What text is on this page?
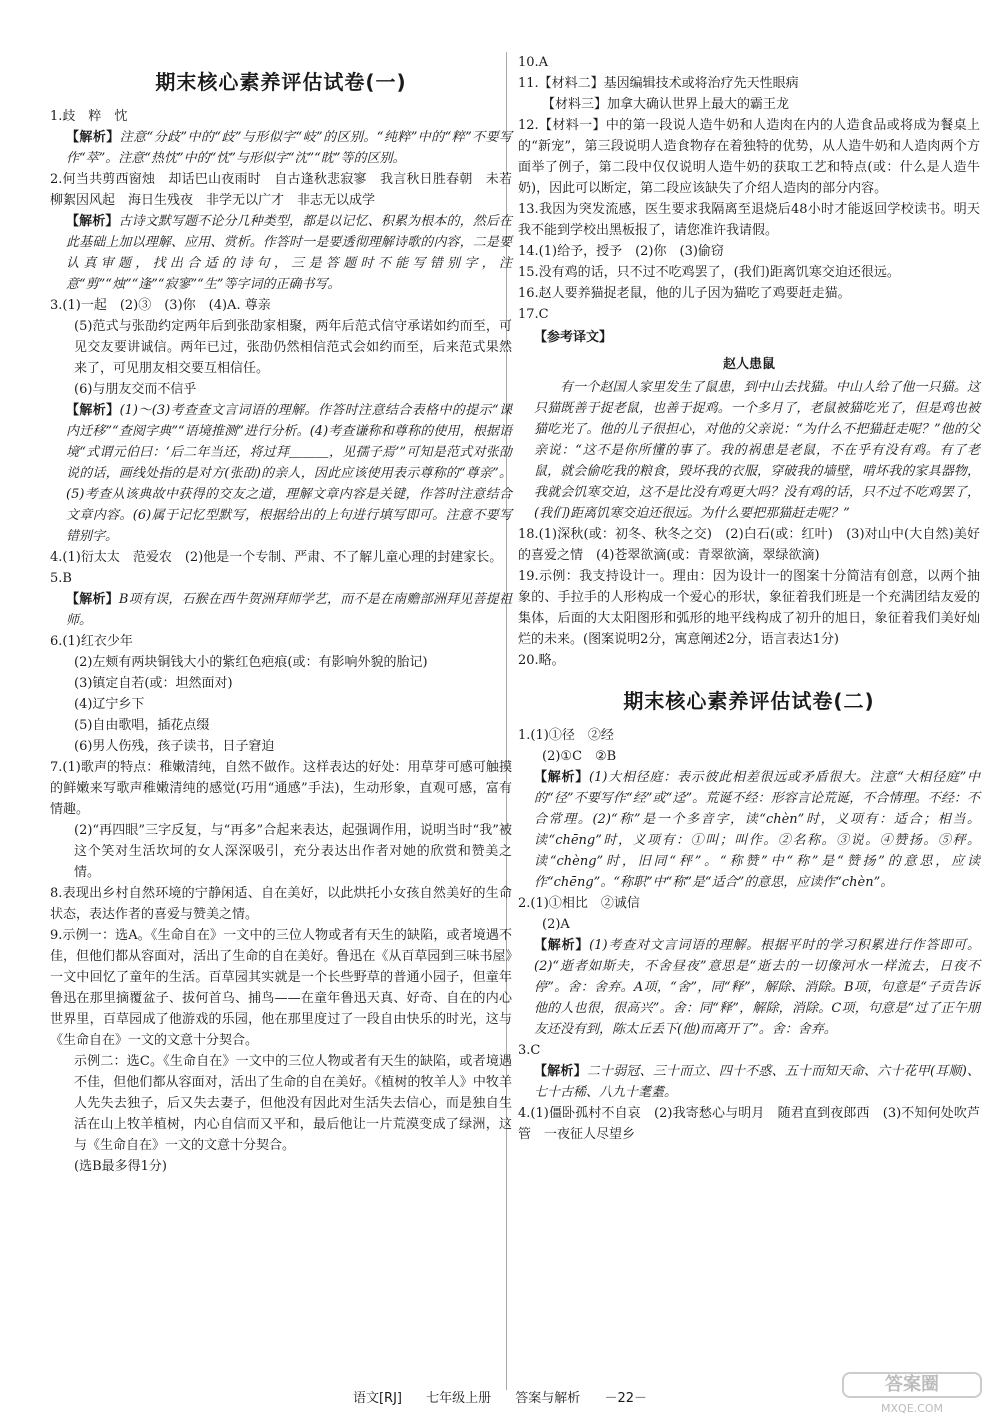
期末核心素养评估试卷(一)

1.歧　粹　忱

【解析】注意“分歧”中的“歧”与形似字“岐”的区别。“纯粹”中的“粹”不要写作“萃”。注意“热忱”中的“忱”与形似字“沈”“眈”等的区别。

2.何当共剪西窗烛　却话巴山夜雨时　自古逢秋悲寂寥　我言秋日胜春朝　未若柳絮因风起　海日生残夜　非学无以广才　非志无以成学

【解析】古诗文默写题不论分几种类型，都是以记忆、积累为根本的，然后在此基础上加以理解、应用、赏析。作答时一是要透彻理解诗歌的内容，二是要认真审题，找出合适的诗句，三是答题时不能写错别字，注意“剪”“烛”“逢”“寂寥”“生”等字词的正确书写。

3.(1)一起　(2)③　(3)你　(4)A. 尊亲

(5)范式与张劭约定两年后到张劭家相聚，两年后范式信守承诺如约而至，可见交友要讲诚信。两年已过，张劭仍然相信范式会如约而至，后来范式果然来了，可见朋友相交要互相信任。

(6)与朋友交而不信乎

【解析】(1)～(3)考查查文言词语的理解。作答时注意结合表格中的提示“课内迁移”“查阅字典”“语境推测”进行分析。(4)考查谦称和尊称的使用，根据语境“式谓元伯曰：‘后二年当还，将过拜＿＿＿，见孺子焉’”可知是范式对张劭说的话，画线处指的是对方(张劭)的亲人，因此应该使用表示尊称的“尊亲”。(5)考查从该典故中获得的交友之道，理解文章内容是关键，作答时注意结合文章内容。(6)属于记忆型默写，根据给出的上句进行填写即可。注意不要写错别字。

4.(1)衍太太　范爱农　(2)他是一个专制、严肃、不了解儿童心理的封建家长。

5.B

【解析】B项有误，石猴在西牛贺洲拜师学艺，而不是在南赡部洲拜见菩提祖师。

6.(1)红衣少年

(2)左颊有两块铜钱大小的紫红色疤痕(或：有影响外貌的胎记)

(3)镇定自若(或：坦然面对)

(4)辽宁乡下

(5)自由歌唱，插花点缀

(6)男人伤残，孩子读书，日子窘迫

7.(1)歌声的特点：稚嫩清纯，自然不做作。这样表达的好处：用草芽可感可触摸的鲜嫩来写歌声稚嫩清纯的感觉(巧用“通感”手法)，生动形象，直观可感，富有情趣。

(2)“再四眼”三字反复，与“再多”合起来表达，起强调作用，说明当时“我”被这个笑对生活坎坷的女人深深吸引，充分表达出作者对她的欣赏和赞美之情。

8.表现出乡村自然环境的宁静闲适、自在美好，以此烘托小女孩自然美好的生命状态，表达作者的喜爱与赞美之情。

9.示例一：选A。《生命自在》一文中的三位人物或者有天生的缺陷，或者境遇不佳，但他们都从容面对，活出了生命的自在美好。鲁迅在《从百草园到三味书屋》一文中回忆了童年的生活。百草园其实就是一个长些野草的普通小园子，但童年鲁迅在那里摘覆盆子、拔何首乌、捕鸟——在童年鲁迅天真、好奇、自在的内心世界里，百草园成了他游戏的乐园，他在那里度过了一段自由快乐的时光，这与《生命自在》一文的文意十分契合。

示例二：选C。《生命自在》一文中的三位人物或者有天生的缺陷，或者境遇不佳，但他们都从容面对，活出了生命的自在美好。《植树的牧羊人》中牧羊人先失去独子，后又失去妻子，但他没有因此对生活失去信心，而是独自生活在山上牧羊植树，内心自信而又平和，最后他让一片荒漠变成了绿洲，这与《生命自在》一文的文意十分契合。

(选B最多得1分)

10.A

11.【材料二】基因编辑技术或将治疗先天性眼病

【材料三】加拿大确认世界上最大的霸王龙

12.【材料一】中的第一段说人造牛奶和人造肉在内的人造食品或将成为餐桌上的“新宠”，第三段说明人造食物存在着独特的优势，从人造牛奶和人造肉两个方面举了例子，第二段中仅仅说明人造牛奶的获取工艺和特点(或：什么是人造牛奶)，因此可以断定，第二段应该缺失了介绍人造肉的部分内容。

13.我因为突发流感，医生要求我隔离至退烧后48小时才能返回学校读书。明天我不能到学校出黑板报了，请您准许我请假。

14.(1)给予，授予　(2)你　(3)偷窃

15.没有鸡的话，只不过不吃鸡罢了，(我们)距离饥寒交迫还很远。

16.赵人要养猫捉老鼠，他的儿子因为猫吃了鸡要赶走猫。

17.C

【参考译文】

赵人患鼠

有一个赵国人家里发生了鼠患，到中山去找猫。中山人给了他一只猫。这只猫既善于捉老鼠，也善于捉鸡。一个多月了，老鼠被猫吃光了，但是鸡也被猫吃光了。他的儿子很担心，对他的父亲说：“为什么不把猫赶走呢？”他的父亲说：“这不是你所懂的事了。我的祸患是老鼠，不在乎有没有鸡。有了老鼠，就会偷吃我的粮食，毁坏我的衣服，穿破我的墙壁，啃坏我的家具器物，我就会饥寒交迫，这不是比没有鸡更大吗？没有鸡的话，只不过不吃鸡罢了，(我们)距离饥寒交迫还很远。为什么要把那猫赶走呢？”

18.(1)深秋(或：初冬、秋冬之交)　(2)白石(或：红叶)　(3)对山中(大自然)美好的喜爱之情　(4)苍翠欲滴(或：青翠欲滴，翠绿欲滴)

19.示例：我支持设计一。理由：因为设计一的图案十分简洁有创意，以两个抽象的、手拉手的人形构成一个爱心的形状，象征着我们班是一个充满团结友爱的集体，后面的大太阳图形和弧形的地平线构成了初升的旭日，象征着我们美好灿烂的未来。(图案说明2分，寓意阐述2分，语言表达1分)

20.略。

期末核心素养评估试卷(二)

1.(1)①径　②经

(2)①C　②B

【解析】(1)大相径庭：表示彼此相差很远或矛盾很大。注意“大相径庭”中的“径”不要写作“经”或“迳”。荒诞不经：形容言论荒诞，不合情理。不经：不合常理。(2)“称”是一个多音字，读“chèn”时，义项有：适合；相当。读“chēng”时，义项有：①叫；叫作。②名称。③说。④赞扬。⑤秤。读“chèng”时，旧同“秤”。“称赞”中“称”是“赞扬”的意思，应读作“chēng”。“称职”中“称”是“适合”的意思，应读作“chèn”。

2.(1)①相比　②诚信

(2)A

【解析】(1)考查对文言词语的理解。根据平时的学习积累进行作答即可。(2)“逝者如斯夫，不舍昼夜”意思是“逝去的一切像河水一样流去，日夜不停”。舍：舍弃。A项，“舍”，同“释”，解除、消除。B项，句意是“子贡告诉他的人也很，很高兴”。舍：同“释”，解除，消除。C项，句意是“过了正午朋友还没有到，陈太丘丢下(他)而离开了”。舍：舍弃。

3.C

【解析】二十弱冠、三十而立、四十不惑、五十而知天命、六十花甲(耳顺)、七十古稀、八九十耄耋。

4.(1)僵卧孤村不自哀　(2)我寄愁心与明月　随君直到夜郎西　(3)不知何处吹芦管　一夜征人尽望乡

语文[RJ] 七年级上册 答案与解析 －22－
答案圈
MXQE.COM
